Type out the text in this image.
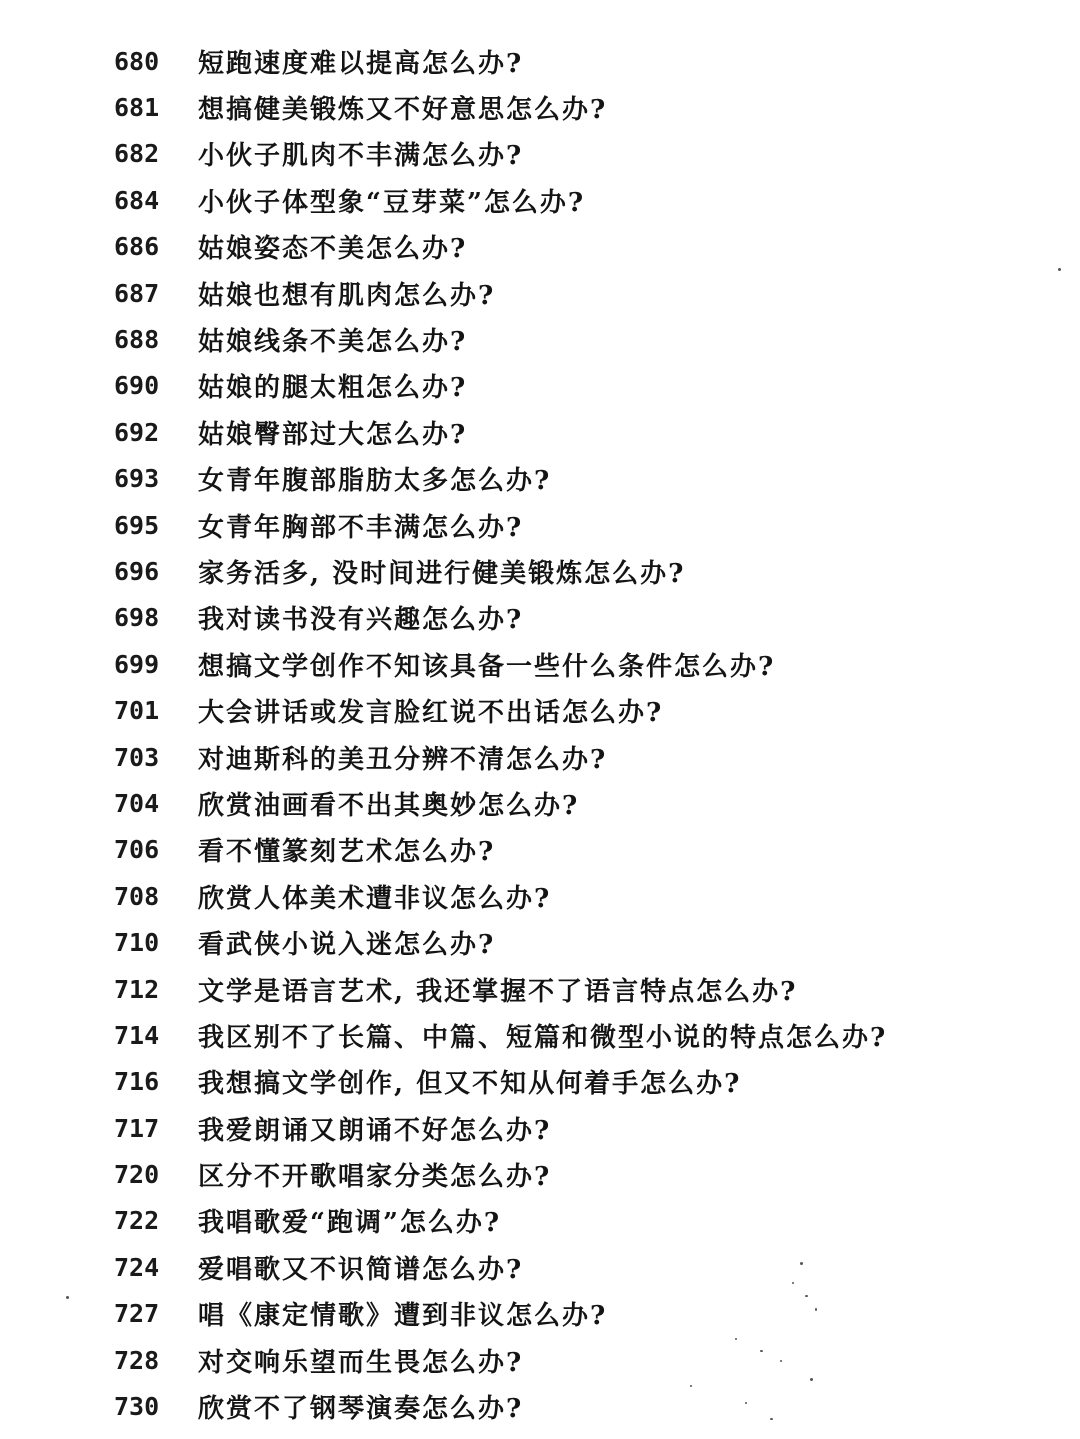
680	短跑速度难以提高怎么办?
681	想搞健美锻炼又不好意思怎么办?
682	小伙子肌肉不丰满怎么办?
684	小伙子体型象“豆芽菜”怎么办?
686	姑娘姿态不美怎么办?
687	姑娘也想有肌肉怎么办?
688	姑娘线条不美怎么办?
690	姑娘的腿太粗怎么办?
692	姑娘臀部过大怎么办?
693	女青年腹部脂肪太多怎么办?
695	女青年胸部不丰满怎么办?
696	家务活多, 没时间进行健美锻炼怎么办?
698	我对读书没有兴趣怎么办?
699	想搞文学创作不知该具备一些什么条件怎么办?
701	大会讲话或发言脸红说不出话怎么办?
703	对迪斯科的美丑分辨不清怎么办?
704	欣赏油画看不出其奥妙怎么办?
706	看不懂篆刻艺术怎么办?
708	欣赏人体美术遭非议怎么办?
710	看武侠小说入迷怎么办?
712	文学是语言艺术, 我还掌握不了语言特点怎么办?
714	我区别不了长篇、中篇、短篇和微型小说的特点怎么办?
716	我想搞文学创作, 但又不知从何着手怎么办?
717	我爱朗诵又朗诵不好怎么办?
720	区分不开歌唱家分类怎么办?
722	我唱歌爱“跑调”怎么办?
724	爱唱歌又不识简谱怎么办?
727	唱《康定情歌》遭到非议怎么办?
728	对交响乐望而生畏怎么办?
730	欣赏不了钢琴演奏怎么办?
